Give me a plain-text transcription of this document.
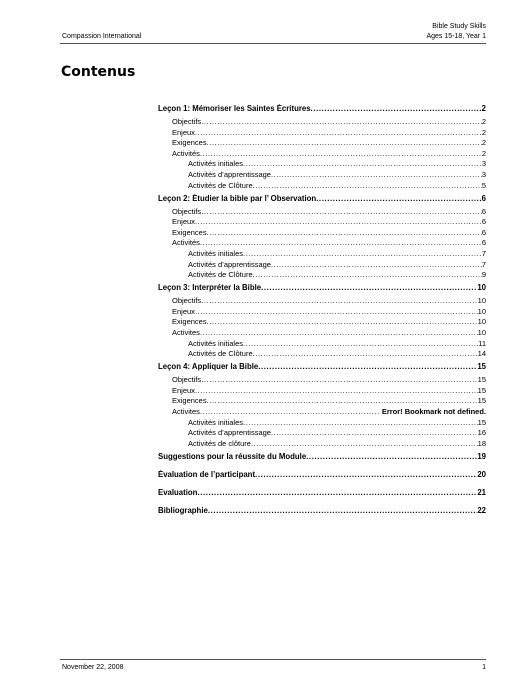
Compassion International
Bible Study Skills
Ages 15-18, Year 1
Contenus
Leçon 1: Mémoriser les Saintes Écritures .....	2
Objectifs .....	2
Enjeux .....	2
Exigences .....	2
Activités .....	2
Activités initiales .....	3
Activités d’apprentissage .....	3
Activités de Clôture .....	5
Leçon 2: Étudier la bible par l’ Observation .....	6
Objectifs .....	6
Enjeux .....	6
Exigences .....	6
Activités .....	6
Activités initiales .....	7
Activités d’apprentissage .....	7
Activités de Clôture .....	9
Leçon 3: Interpréter la Bible .....	10
Objectifs .....	10
Enjeux .....	10
Exigences .....	10
Activites .....	10
Activités initiales .....	11
Activités de Clôture .....	14
Leçon 4: Appliquer la Bible .....	15
Objectifs .....	15
Enjeux .....	15
Exigences .....	15
Activites .....	Error! Bookmark not defined.
Activités initiales .....	15
Activités d’apprentissage .....	16
Activités de clôture .....	18
Suggestions pour la réussite du Module .....	19
Évaluation de l’participant .....	20
Evaluation .....	21
Bibliographie .....	22
November 22, 2008	1
